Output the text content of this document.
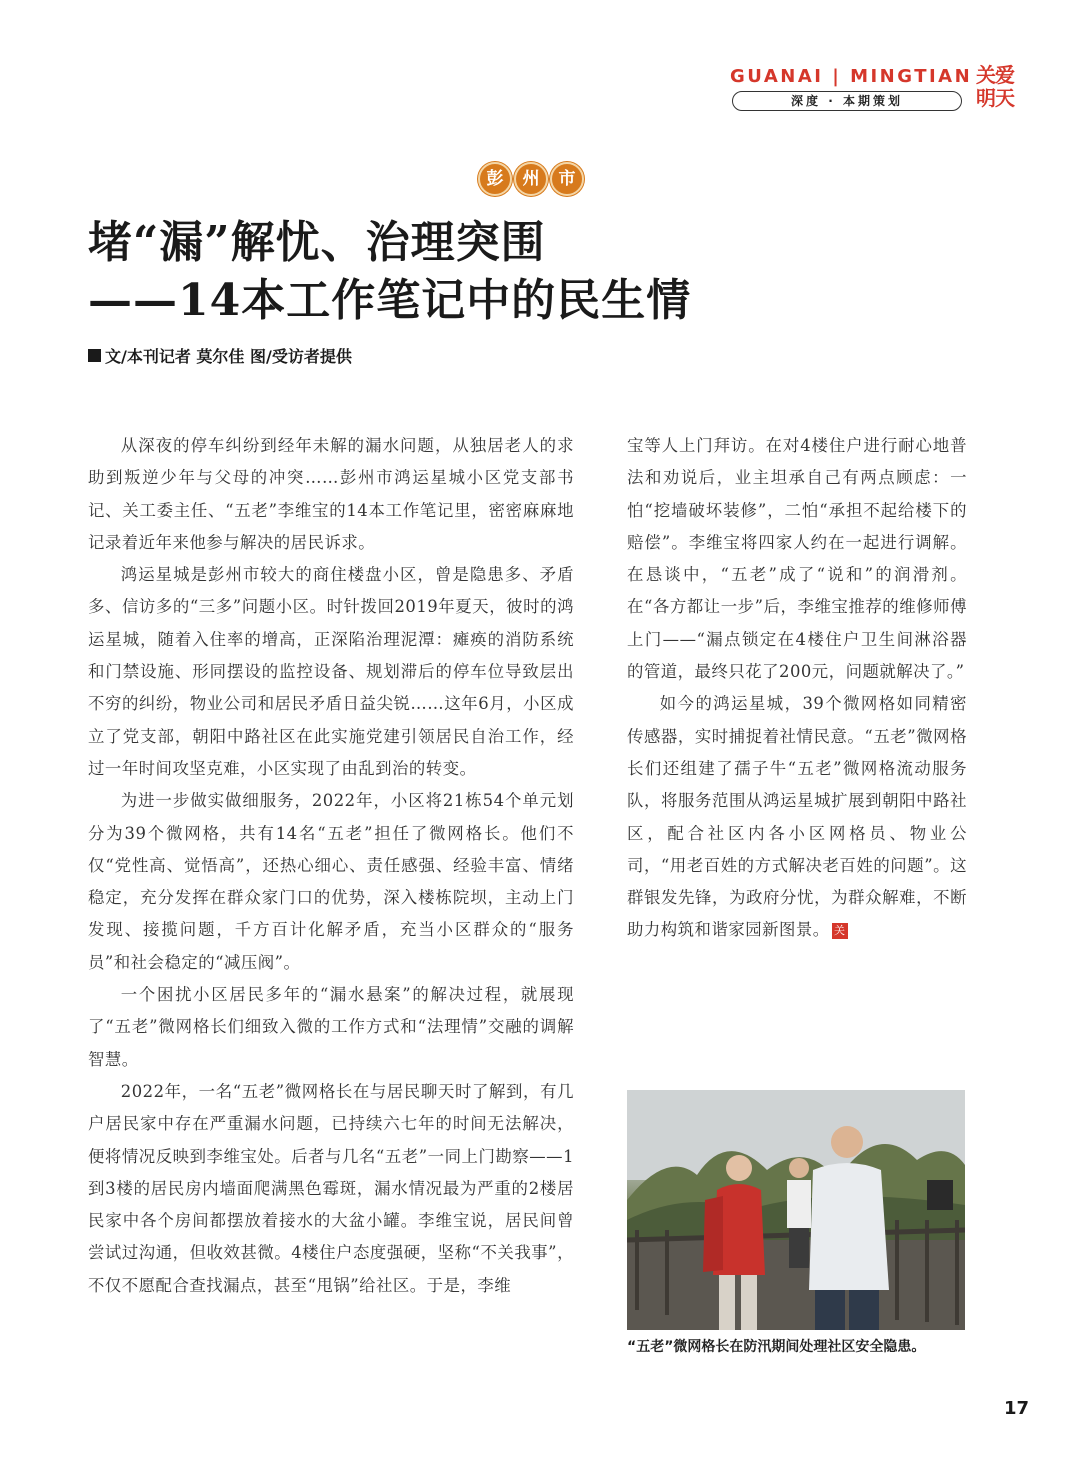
GUANAI | MINGTIAN
深度 · 本期策划
关爱
明天
彭	州	市
堵“漏”解忧、治理突围
——14本工作笔记中的民生情
文/本刊记者 莫尔佳 图/受访者提供

从深夜的停车纠纷到经年未解的漏水问题，从独居老人的求助到叛逆少年与父母的冲突……彭州市鸿运星城小区党支部书记、关工委主任、“五老”李维宝的14本工作笔记里，密密麻麻地记录着近年来他参与解决的居民诉求。

鸿运星城是彭州市较大的商住楼盘小区，曾是隐患多、矛盾多、信访多的“三多”问题小区。时针拨回2019年夏天，彼时的鸿运星城，随着入住率的增高，正深陷治理泥潭：瘫痪的消防系统和门禁设施、形同摆设的监控设备、规划滞后的停车位导致层出不穷的纠纷，物业公司和居民矛盾日益尖锐……这年6月，小区成立了党支部，朝阳中路社区在此实施党建引领居民自治工作，经过一年时间攻坚克难，小区实现了由乱到治的转变。

为进一步做实做细服务，2022年，小区将21栋54个单元划分为39个微网格，共有14名“五老”担任了微网格长。他们不仅“党性高、觉悟高”，还热心细心、责任感强、经验丰富、情绪稳定，充分发挥在群众家门口的优势，深入楼栋院坝，主动上门发现、接揽问题，千方百计化解矛盾，充当小区群众的“服务员”和社会稳定的“减压阀”。

一个困扰小区居民多年的“漏水悬案”的解决过程，就展现了“五老”微网格长们细致入微的工作方式和“法理情”交融的调解智慧。

2022年，一名“五老”微网格长在与居民聊天时了解到，有几户居民家中存在严重漏水问题，已持续六七年的时间无法解决，便将情况反映到李维宝处。后者与几名“五老”一同上门勘察——1到3楼的居民房内墙面爬满黑色霉斑，漏水情况最为严重的2楼居民家中各个房间都摆放着接水的大盆小罐。李维宝说，居民间曾尝试过沟通，但收效甚微。4楼住户态度强硬，坚称“不关我事”，不仅不愿配合查找漏点，甚至“甩锅”给社区。于是，李维

宝等人上门拜访。在对4楼住户进行耐心地普法和劝说后，业主坦承自己有两点顾虑：一怕“挖墙破坏装修”，二怕“承担不起给楼下的赔偿”。李维宝将四家人约在一起进行调解。在恳谈中，“五老”成了“说和”的润滑剂。在“各方都让一步”后，李维宝推荐的维修师傅上门——“漏点锁定在4楼住户卫生间淋浴器的管道，最终只花了200元，问题就解决了。”

如今的鸿运星城，39个微网格如同精密传感器，实时捕捉着社情民意。“五老”微网格长们还组建了孺子牛“五老”微网格流动服务队，将服务范围从鸿运星城扩展到朝阳中路社区，配合社区内各小区网格员、物业公司，“用老百姓的方式解决老百姓的问题”。这群银发先锋，为政府分忧，为群众解难，不断助力构筑和谐家园新图景。 关

“五老”微网格长在防汛期间处理社区安全隐患。
17
